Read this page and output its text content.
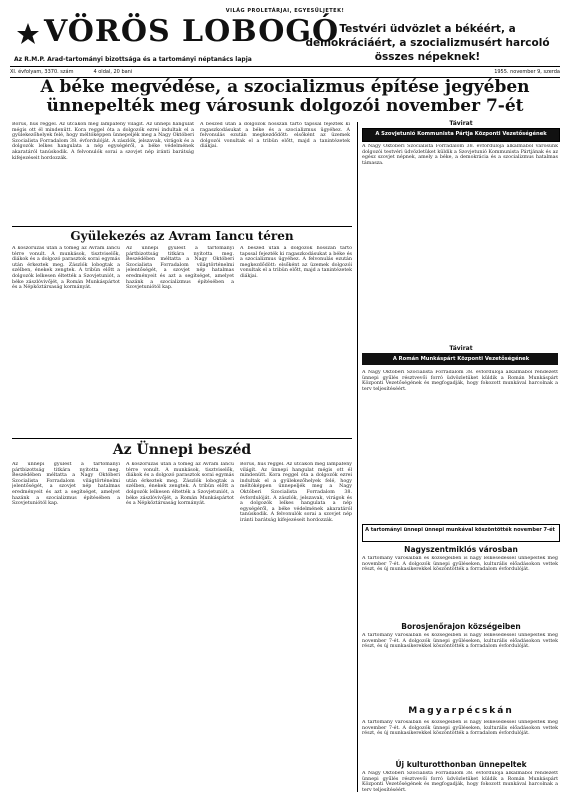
VILÁG PROLETÁRJAI, EGYESÜLJETEK!
VÖRÖS LOBOGÓ
Az R.M.P. Arad-tartományi bizottsága és a tartományi néptanács lapja
Testvéri üdvözlet a békéért, a demokráciáért, a szocializmusért harcoló összes népeknek!
XI. évfolyam, 3370. szám	4 oldal, 20 bani	1955. november 9, szerda
A béke megvédése, a szocializmus építése jegyében ünnepelték meg városunk dolgozói november 7-ét
Borús, hűs reggel. Az utcákon még lámpafény világít. Az ünnepi hangulat mégis ott él mindenütt. Kora reggel óta a dolgozók ezrei indultak el a gyülekezőhelyek felé, hogy méltóképpen ünnepeljék meg a Nagy Októberi Szocialista Forradalom 38. évfordulóját. A zászlók, jelszavak, virágok és a dolgozók lelkes hangulata a nép egységéről, a béke védelmének akaratáról tanúskodik. A felvonulók sorai a szovjet nép iránti barátság kifejezéseit hordozzák.
A beszéd után a dolgozók hosszan tartó tapssal fejezték ki ragaszkodásukat a béke és a szocializmus ügyéhez. A felvonulás ezután megkezdődött: elsőként az üzemek dolgozói vonultak el a tribün előtt, majd a tanintézetek diákjai.
Távirat
A Szovjetunió Kommunista Pártja Központi Vezetőségének
A Nagy Októberi Szocialista Forradalom 38. évfordulója alkalmából városunk dolgozói testvéri üdvözletüket küldik a Szovjetunió Kommunista Pártjának és az egész szovjet népnek, amely a béke, a demokrácia és a szocializmus hatalmas támasza.
Gyülekezés az Avram Iancu téren
A koszorúzás után a tömeg az Avram Iancu térre vonult. A munkások, tisztviselők, diákok és a dolgozó parasztok sorai egymás után érkeztek meg. Zászlók lobogtak a szélben, énekek zengtek. A tribün előtt a dolgozók lelkesen éltették a Szovjetuniót, a béke zászlóvivőjét, a Román Munkáspártot és a Népköztársaság kormányát.
Az ünnepi gyűlést a tartományi pártbizottság titkára nyitotta meg. Beszédében méltatta a Nagy Októberi Szocialista Forradalom világtörténelmi jelentőségét, a szovjet nép hatalmas eredményeit és azt a segítséget, amelyet hazánk a szocializmus építésében a Szovjetuniótól kap.
A beszéd után a dolgozók hosszan tartó tapssal fejezték ki ragaszkodásukat a béke és a szocializmus ügyéhez. A felvonulás ezután megkezdődött: elsőként az üzemek dolgozói vonultak el a tribün előtt, majd a tanintézetek diákjai.
Távirat
A Román Munkáspárt Központi Vezetőségének
A Nagy Októberi Szocialista Forradalom 38. évfordulója alkalmából rendezett ünnepi gyűlés résztvevői forró üdvözletüket küldik a Román Munkáspárt Központi Vezetőségének és megfogadják, hogy fokozott munkával harcolnak a terv teljesítéséért.
Az Ünnepi beszéd
Az ünnepi gyűlést a tartományi pártbizottság titkára nyitotta meg. Beszédében méltatta a Nagy Októberi Szocialista Forradalom világtörténelmi jelentőségét, a szovjet nép hatalmas eredményeit és azt a segítséget, amelyet hazánk a szocializmus építésében a Szovjetuniótól kap.
A koszorúzás után a tömeg az Avram Iancu térre vonult. A munkások, tisztviselők, diákok és a dolgozó parasztok sorai egymás után érkeztek meg. Zászlók lobogtak a szélben, énekek zengtek. A tribün előtt a dolgozók lelkesen éltették a Szovjetuniót, a béke zászlóvivőjét, a Román Munkáspártot és a Népköztársaság kormányát.
Borús, hűs reggel. Az utcákon még lámpafény világít. Az ünnepi hangulat mégis ott él mindenütt. Kora reggel óta a dolgozók ezrei indultak el a gyülekezőhelyek felé, hogy méltóképpen ünnepeljék meg a Nagy Októberi Szocialista Forradalom 38. évfordulóját. A zászlók, jelszavak, virágok és a dolgozók lelkes hangulata a nép egységéről, a béke védelmének akaratáról tanúskodik. A felvonulók sorai a szovjet nép iránti barátság kifejezéseit hordozzák.
A tartományi ünnepi ünnepi munkával köszöntötték november 7-ét
Nagyszentmiklós városban
A tartomány városaiban és községeiben is nagy lelkesedéssel ünnepelték meg november 7-ét. A dolgozók ünnepi gyűléseken, kulturális előadásokon vettek részt, és új munkasikerekkel köszöntötték a forradalom évfordulóját.
Borosjenőrajon községeiben
A tartomány városaiban és községeiben is nagy lelkesedéssel ünnepelték meg november 7-ét. A dolgozók ünnepi gyűléseken, kulturális előadásokon vettek részt, és új munkasikerekkel köszöntötték a forradalom évfordulóját.
Magyarpécskán
A tartomány városaiban és községeiben is nagy lelkesedéssel ünnepelték meg november 7-ét. A dolgozók ünnepi gyűléseken, kulturális előadásokon vettek részt, és új munkasikerekkel köszöntötték a forradalom évfordulóját.
Új kulturotthonban ünnepeltek
A Nagy Októberi Szocialista Forradalom 38. évfordulója alkalmából rendezett ünnepi gyűlés résztvevői forró üdvözletüket küldik a Román Munkáspárt Központi Vezetőségének és megfogadják, hogy fokozott munkával harcolnak a terv teljesítéséért.
